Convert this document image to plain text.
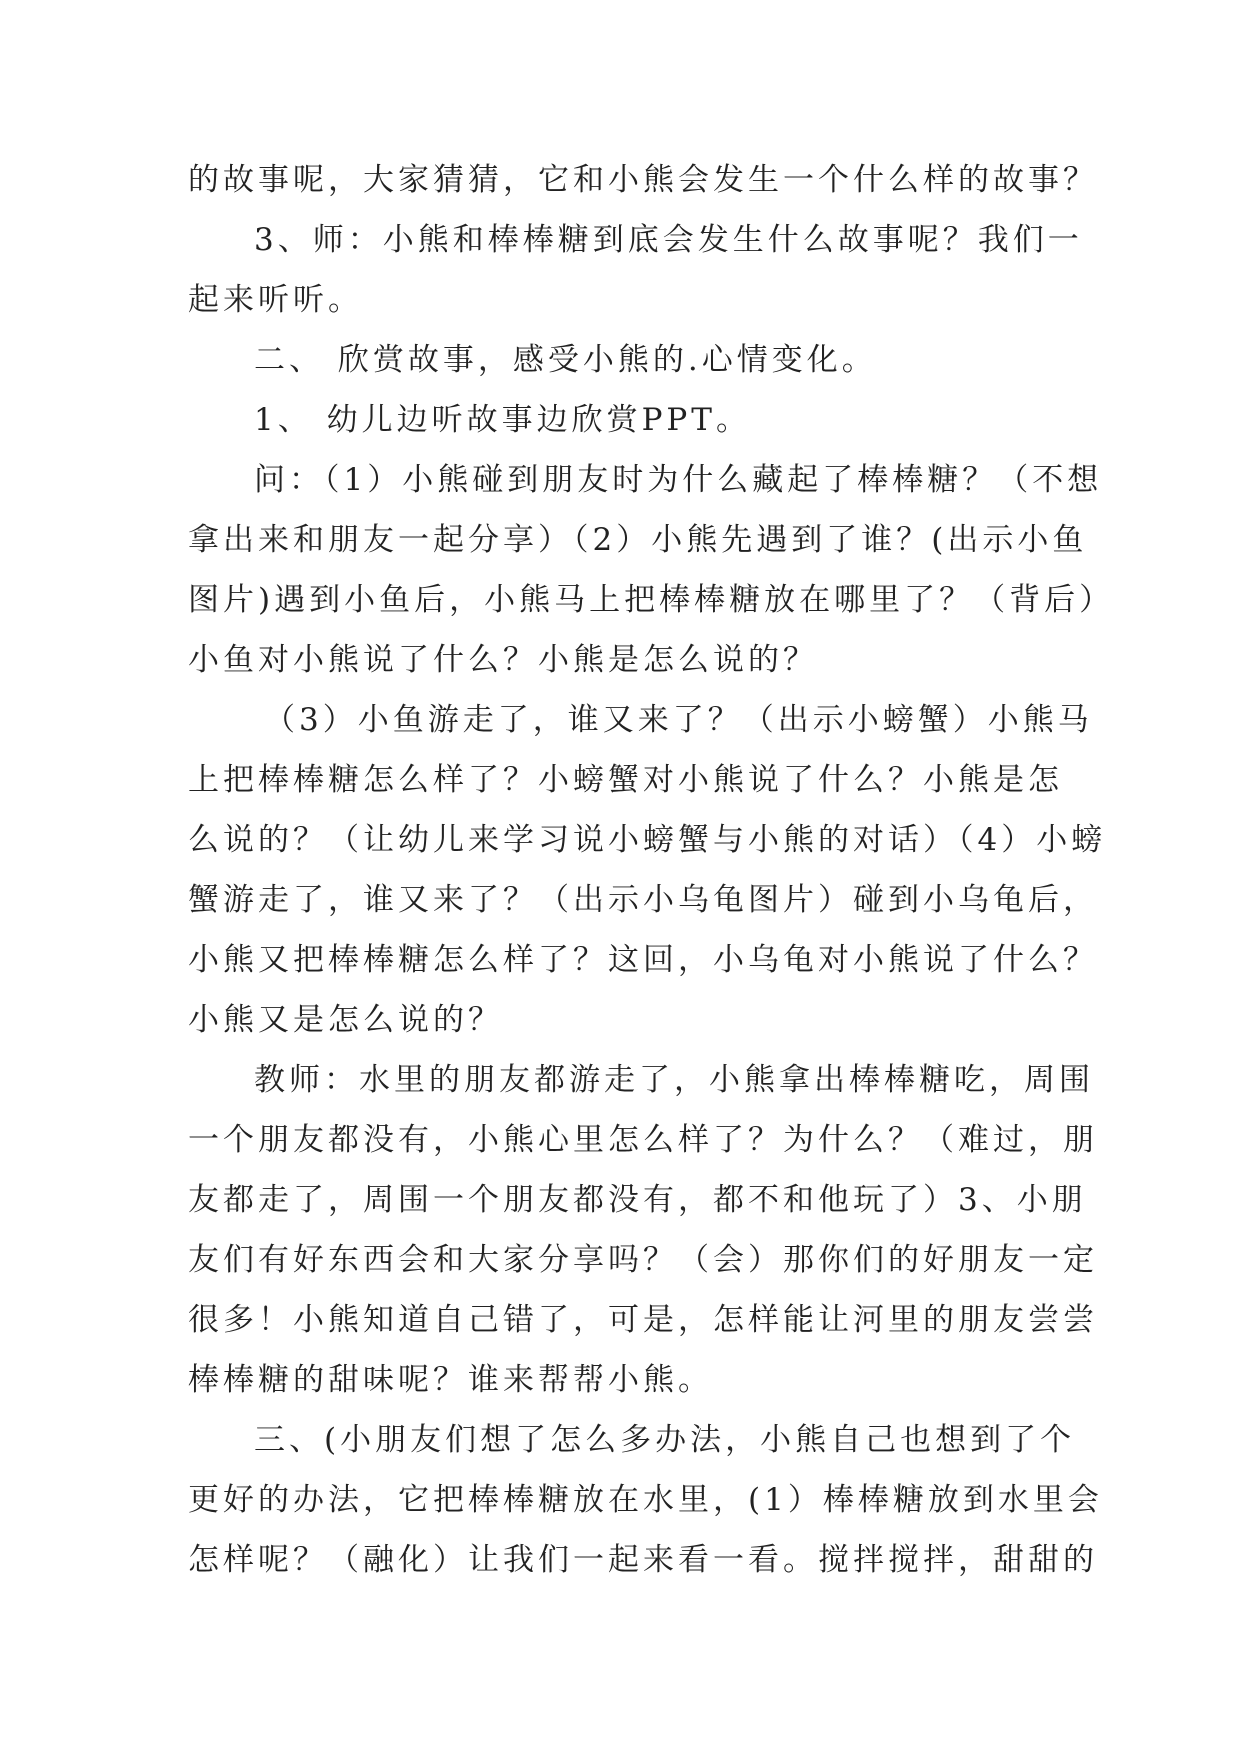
的故事呢，大家猜猜，它和小熊会发生一个什么样的故事？
3、师：小熊和棒棒糖到底会发生什么故事呢？我们一
起来听听。
二、 欣赏故事，感受小熊的.心情变化。
1、 幼儿边听故事边欣赏PPT。
问：（1）小熊碰到朋友时为什么藏起了棒棒糖？（不想
拿出来和朋友一起分享）（2）小熊先遇到了谁？(出示小鱼
图片)遇到小鱼后，小熊马上把棒棒糖放在哪里了？（背后）
小鱼对小熊说了什么？小熊是怎么说的？
（3）小鱼游走了，谁又来了？（出示小螃蟹）小熊马
上把棒棒糖怎么样了？小螃蟹对小熊说了什么？小熊是怎
么说的？（让幼儿来学习说小螃蟹与小熊的对话）（4）小螃
蟹游走了，谁又来了？（出示小乌龟图片）碰到小乌龟后，
小熊又把棒棒糖怎么样了？这回，小乌龟对小熊说了什么？
小熊又是怎么说的？
教师：水里的朋友都游走了，小熊拿出棒棒糖吃，周围
一个朋友都没有，小熊心里怎么样了？为什么？（难过，朋
友都走了，周围一个朋友都没有，都不和他玩了）3、小朋
友们有好东西会和大家分享吗？（会）那你们的好朋友一定
很多！小熊知道自己错了，可是，怎样能让河里的朋友尝尝
棒棒糖的甜味呢？谁来帮帮小熊。
三、(小朋友们想了怎么多办法，小熊自己也想到了个
更好的办法，它把棒棒糖放在水里，(1）棒棒糖放到水里会
怎样呢？（融化）让我们一起来看一看。搅拌搅拌，甜甜的
